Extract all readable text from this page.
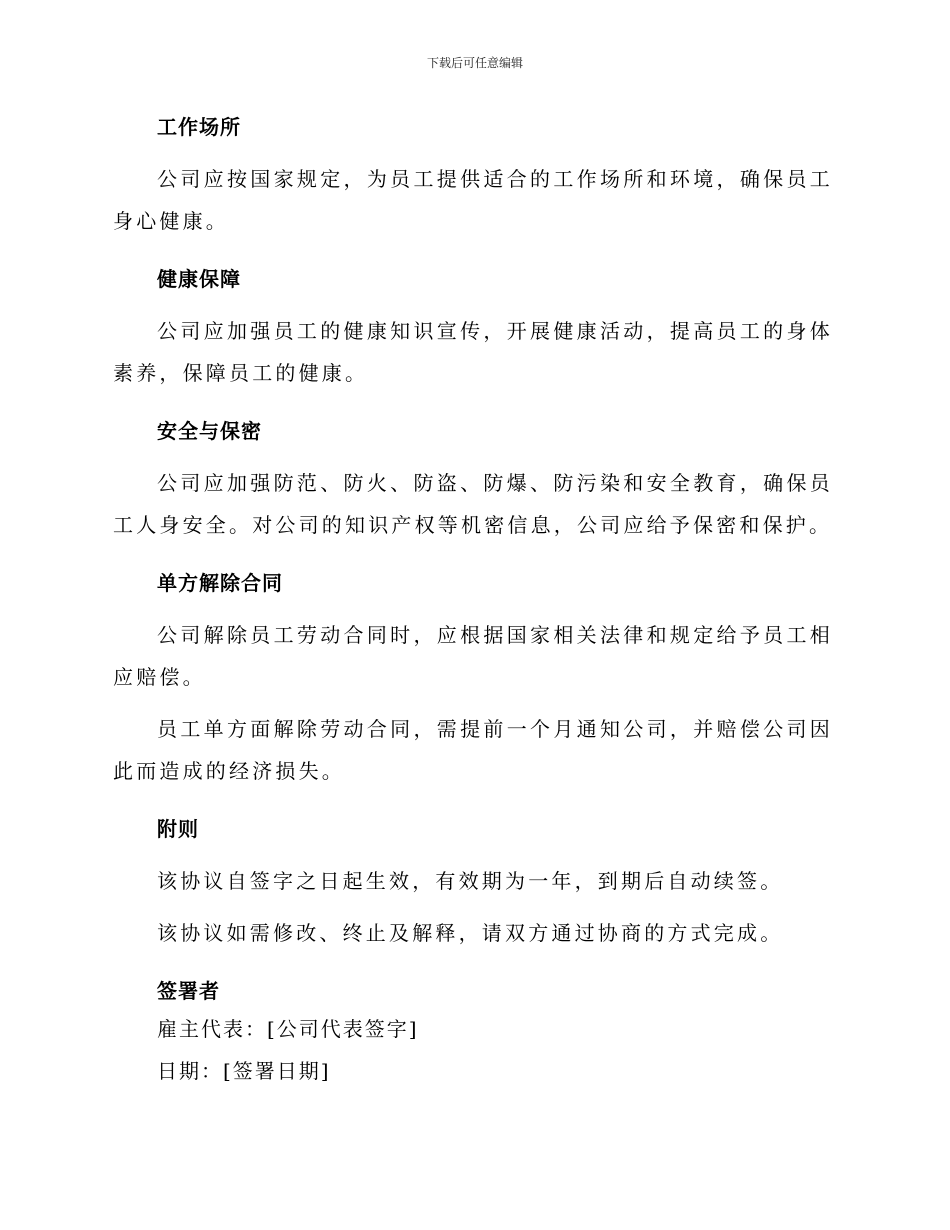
下载后可任意编辑
工作场所

公司应按国家规定，为员工提供适合的工作场所和环境，确保员工身心健康。

健康保障

公司应加强员工的健康知识宣传，开展健康活动，提高员工的身体素养，保障员工的健康。

安全与保密

公司应加强防范、防火、防盗、防爆、防污染和安全教育，确保员工人身安全。对公司的知识产权等机密信息，公司应给予保密和保护。

单方解除合同

公司解除员工劳动合同时，应根据国家相关法律和规定给予员工相应赔偿。

员工单方面解除劳动合同，需提前一个月通知公司，并赔偿公司因此而造成的经济损失。

附则

该协议自签字之日起生效，有效期为一年，到期后自动续签。

该协议如需修改、终止及解释，请双方通过协商的方式完成。

签署者

雇主代表：[公司代表签字]

日期：[签署日期]
